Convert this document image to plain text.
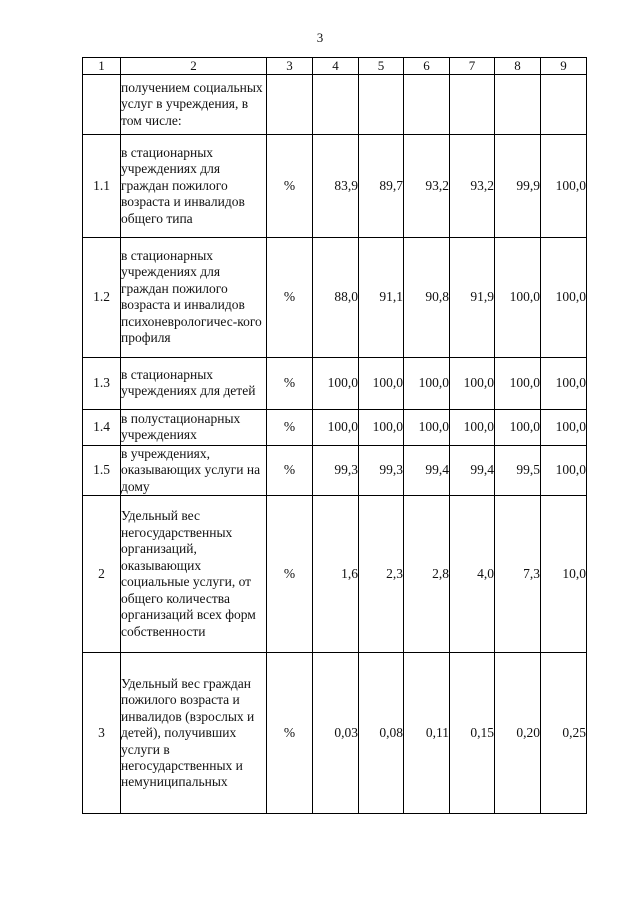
3
1	2	3	4	5	6	7	8	9
	получением социальных услуг в учреждения, в том числе:							
1.1	в стационарных учреждениях для граждан пожилого возраста и инвалидов общего типа	%	83,9	89,7	93,2	93,2	99,9	100,0
1.2	в стационарных учреждениях для граждан пожилого возраста и инвалидов психоневрологичес-кого профиля	%	88,0	91,1	90,8	91,9	100,0	100,0
1.3	в стационарных учреждениях для детей	%	100,0	100,0	100,0	100,0	100,0	100,0
1.4	в полустационарных учреждениях	%	100,0	100,0	100,0	100,0	100,0	100,0
1.5	в учреждениях, оказывающих услуги на дому	%	99,3	99,3	99,4	99,4	99,5	100,0
2	Удельный вес негосударственных организаций, оказывающих социальные услуги, от общего количества организаций всех форм собственности	%	1,6	2,3	2,8	4,0	7,3	10,0
3	Удельный вес граждан пожилого возраста и инвалидов (взрослых и детей), получивших услуги в негосударственных и немуниципальных	%	0,03	0,08	0,11	0,15	0,20	0,25
